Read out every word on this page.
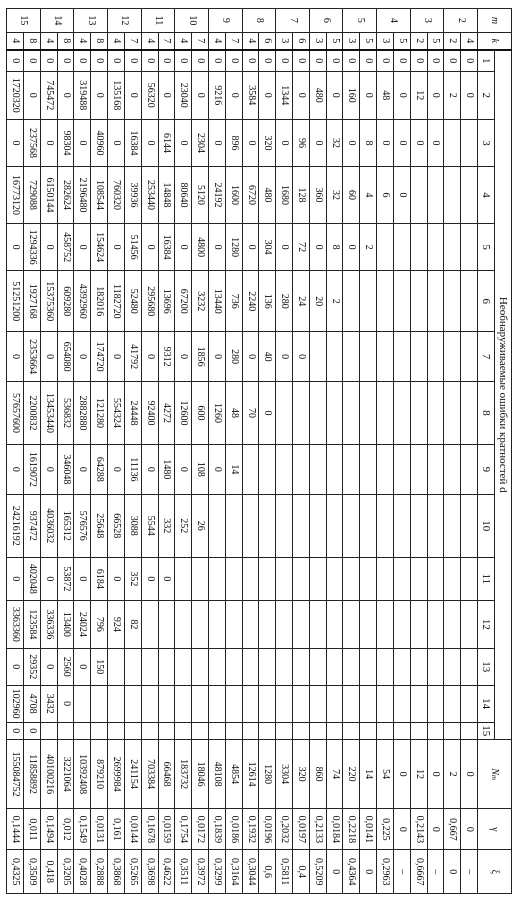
m	k	Необнаруживаемые ошибки кратностей d															Nm	γ	ξ
		1	2	3	4	5	6	7	8	9	10	11	12	13	14	15			
2	4	0	0														0	0	–
	2	0	2														2	0,667	0
3	5	0	0	0													0	0	–
	2	0	12	0													12	0,2143	0,6667
4	5	0	0	0	0												0	0	–
	3	0	48	0	6												54	0,225	0,2963
5	5	0	0	8	4	2											14	0,0141	0
	3	0	160	0	60	0											220	0,2218	0,4364
6	5	0	0	32	32	8	2										74	0,0184	0
	3	0	480	0	360	0	20										860	0,2133	0,5209
7	6	0	0	96	128	72	24	0									320	0,0197	0,4
	3	0	1344	0	1680	0	280	0									3304	0,2032	0,5811
8	6	0	0	320	480	304	136	40	0								1280	0,0196	0,6
	4	0	3584	0	6720	0	2240	0	70								12614	0,1932	0,3044
9	7	0	0	896	1600	1280	736	280	48	14							4854	0,0186	0,3164
	4	0	9216	0	24192	0	13440	0	1260	0							48108	0,1839	0,3299
10	7	0	0	2304	5120	4800	3232	1856	600	108	26						18046	0,0172	0,3972
	4	0	23040	0	80640	0	67200	0	12600	0	252						183732	0,1754	0,3511
11	7	0	0	6144	14848	16384	13696	9312	4272	1480	332	0					66468	0,0159	0,4622
	4	0	56320	0	253440	0	295680	0	92400	0	5544	0					703384	0,1678	0,3698
12	7	0	0	16384	39936	51456	52480	41792	24448	11136	3088	352	82				241154	0,0144	0,5265
	4	0	135168	0	760320	0	1182720	0	554324	0	66528	0	924				2699984	0,161	0,3868
13	8	0	0	40960	108544	154624	182016	174720	121280	64288	25648	6184	796	150			879210	0,0131	0,2888
	4	0	319488	0	2196480	0	4392960	0	2882880	0	576576	0	24024	0			10392408	0,1549	0,4028
14	8	0	0	98304	282624	458752	609280	654080	536832	346048	165312	53872	13400	2560	0		3221064	0,012	0,3205
	4	0	745472	0	6150144	0	15375360	0	13453440	0	4036032	0	336336	0	3432		40100216	0,1494	0,418
15	8	0	0	237568	729088	1294336	1927168	2353664	2200832	1619072	937472	402048	123584	29352	4708	0	11858892	0,011	0,3509
	4	0	1720320	0	16773120	0	51251200	0	57657600	0	24216192	0	3363360	0	102960	0	155084752	0,1444	0,4325
